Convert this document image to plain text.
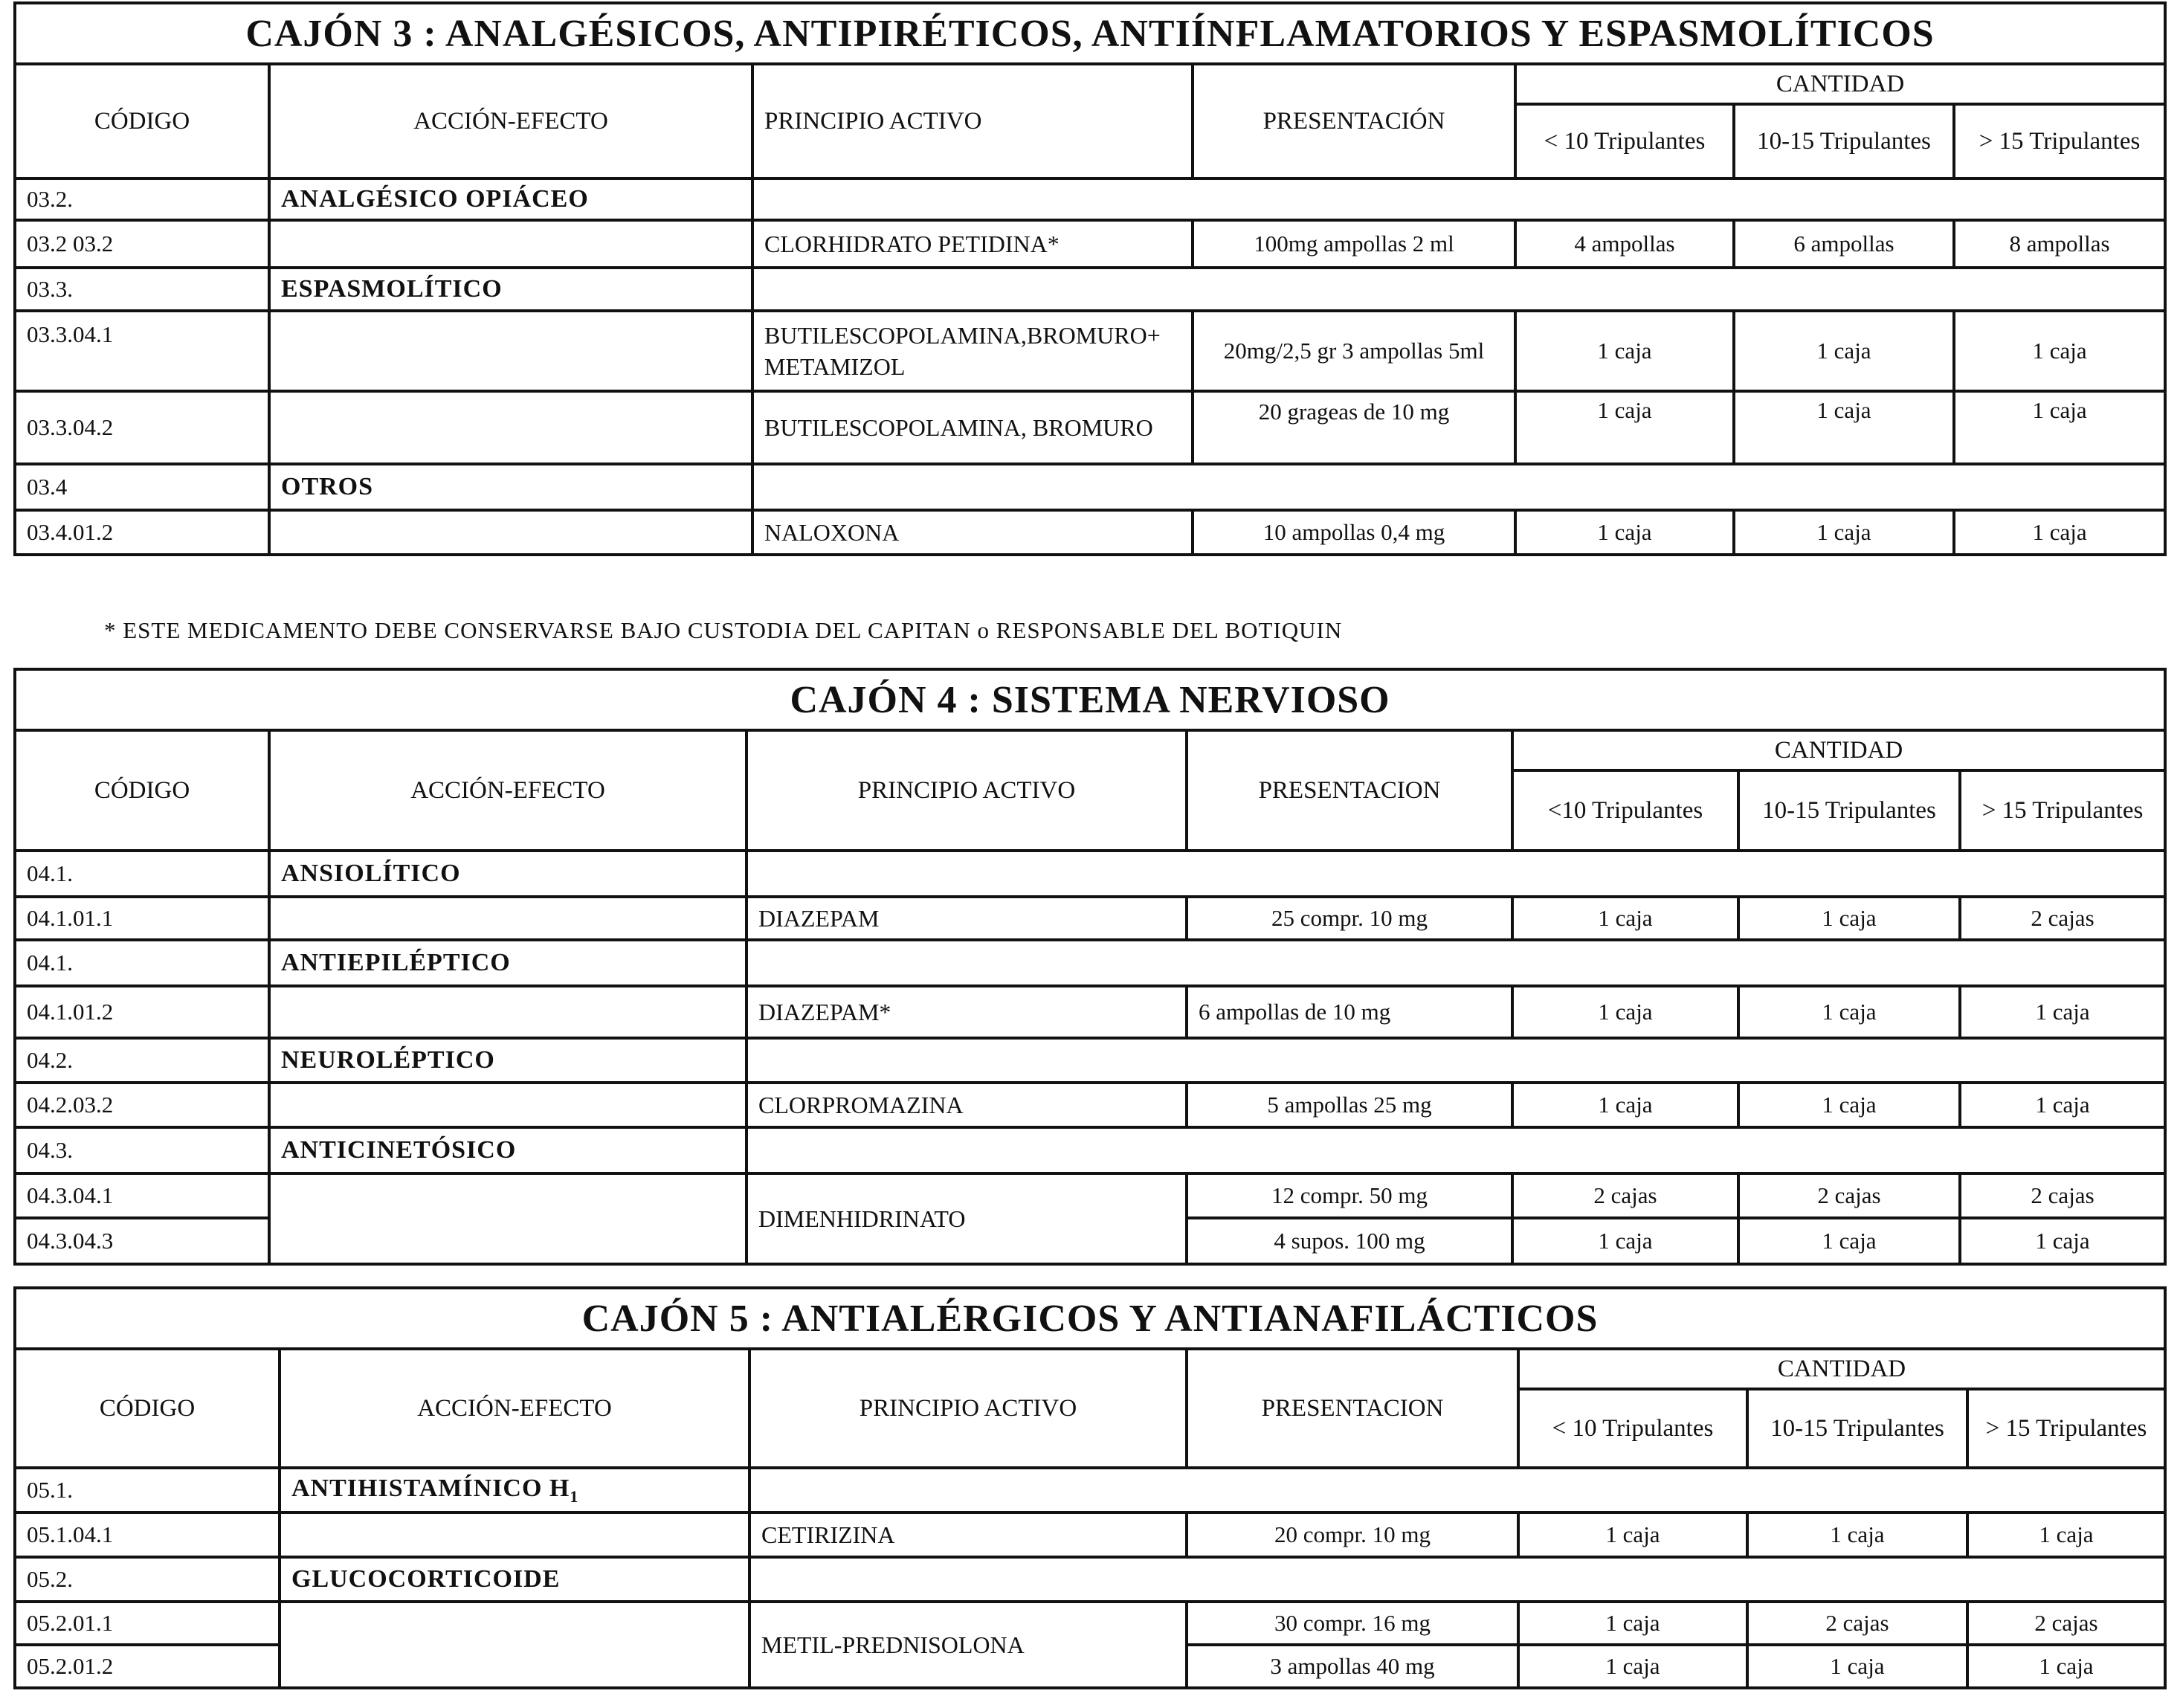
CAJÓN 3 : ANALGÉSICOS, ANTIPIRÉTICOS, ANTIÍNFLAMATORIOS Y ESPASMOLÍTICOS						
CÓDIGO	ACCIÓN-EFECTO	PRINCIPIO ACTIVO	PRESENTACIÓN	CANTIDAD		
				< 10 Tripulantes	10-15 Tripulantes	> 15 Tripulantes
03.2.	ANALGÉSICO OPIÁCEO					
03.2 03.2		CLORHIDRATO PETIDINA*	100mg ampollas 2 ml	4 ampollas	6 ampollas	8 ampollas
03.3.	ESPASMOLÍTICO					
03.3.04.1		BUTILESCOPOLAMINA,BROMURO+METAMIZOL	20mg/2,5 gr 3 ampollas 5ml	1 caja	1 caja	1 caja
03.3.04.2		BUTILESCOPOLAMINA, BROMURO	20 grageas de 10 mg	1 caja	1 caja	1 caja
03.4	OTROS					
03.4.01.2		NALOXONA	10 ampollas 0,4 mg	1 caja	1 caja	1 caja
* ESTE MEDICAMENTO DEBE CONSERVARSE BAJO CUSTODIA DEL CAPITAN o RESPONSABLE DEL BOTIQUIN
CAJÓN 4 : SISTEMA NERVIOSO						
CÓDIGO	ACCIÓN-EFECTO	PRINCIPIO ACTIVO	PRESENTACION	CANTIDAD		
				<10 Tripulantes	10-15 Tripulantes	> 15 Tripulantes
04.1.	ANSIOLÍTICO					
04.1.01.1		DIAZEPAM	25 compr. 10 mg	1 caja	1 caja	2 cajas
04.1.	ANTIEPILÉPTICO					
04.1.01.2		DIAZEPAM*	6 ampollas de 10 mg	1 caja	1 caja	1 caja
04.2.	NEUROLÉPTICO					
04.2.03.2		CLORPROMAZINA	5 ampollas 25 mg	1 caja	1 caja	1 caja
04.3.	ANTICINETÓSICO					
04.3.04.1		DIMENHIDRINATO	12 compr. 50 mg	2 cajas	2 cajas	2 cajas
04.3.04.3			4 supos. 100 mg	1 caja	1 caja	1 caja
CAJÓN 5 : ANTIALÉRGICOS Y ANTIANAFILÁCTICOS						
CÓDIGO	ACCIÓN-EFECTO	PRINCIPIO ACTIVO	PRESENTACION	CANTIDAD		
				< 10 Tripulantes	10-15 Tripulantes	> 15 Tripulantes
05.1.	ANTIHISTAMÍNICO $H_1$	
05.1.04.1		CETIRIZINA	20 compr. 10 mg	1 caja	1 caja	1 caja
05.2.	GLUCOCORTICOIDE					
05.2.01.1		METIL-PREDNISOLONA	30 compr. 16 mg	1 caja	2 cajas	2 cajas
05.2.01.2			3 ampollas 40 mg	1 caja	1 caja	1 caja
